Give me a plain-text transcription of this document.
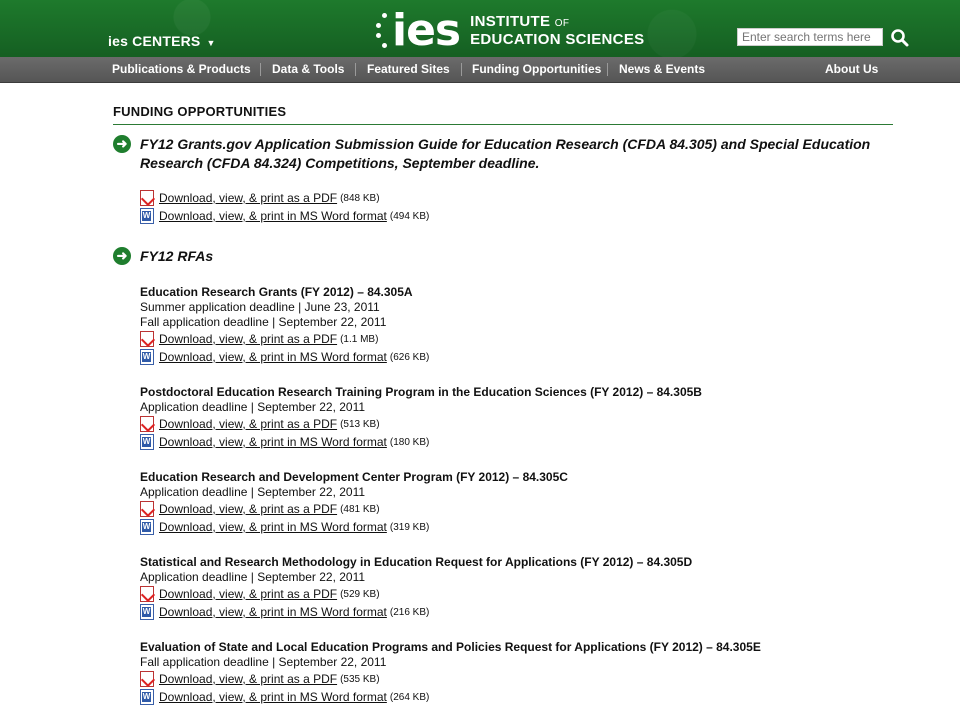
ies CENTERS ▼	ies INSTITUTE OF
EDUCATION SCIENCES
Enter search terms here
Publications & Products Data & Tools Featured Sites Funding Opportunities News & Events	About Us
FUNDING OPPORTUNITIES
➜ FY12 Grants.gov Application Submission Guide for Education Research (CFDA 84.305) and Special Education Research (CFDA 84.324) Competitions, September deadline.
Download, view, & print as a PDF (848 KB)
W
Download, view, & print in MS Word format (494 KB)
➜ FY12 RFAs
Education Research Grants (FY 2012) – 84.305A
Summer application deadline | June 23, 2011
Fall application deadline | September 22, 2011
Download, view, & print as a PDF (1.1 MB)
W
Download, view, & print in MS Word format (626 KB)
Postdoctoral Education Research Training Program in the Education Sciences (FY 2012) – 84.305B
Application deadline | September 22, 2011
Download, view, & print as a PDF (513 KB)
W
Download, view, & print in MS Word format (180 KB)
Education Research and Development Center Program (FY 2012) – 84.305C
Application deadline | September 22, 2011
Download, view, & print as a PDF (481 KB)
W
Download, view, & print in MS Word format (319 KB)
Statistical and Research Methodology in Education Request for Applications (FY 2012) – 84.305D
Application deadline | September 22, 2011
Download, view, & print as a PDF (529 KB)
W
Download, view, & print in MS Word format (216 KB)
Evaluation of State and Local Education Programs and Policies Request for Applications (FY 2012) – 84.305E
Fall application deadline | September 22, 2011
Download, view, & print as a PDF (535 KB)
W
Download, view, & print in MS Word format (264 KB)
